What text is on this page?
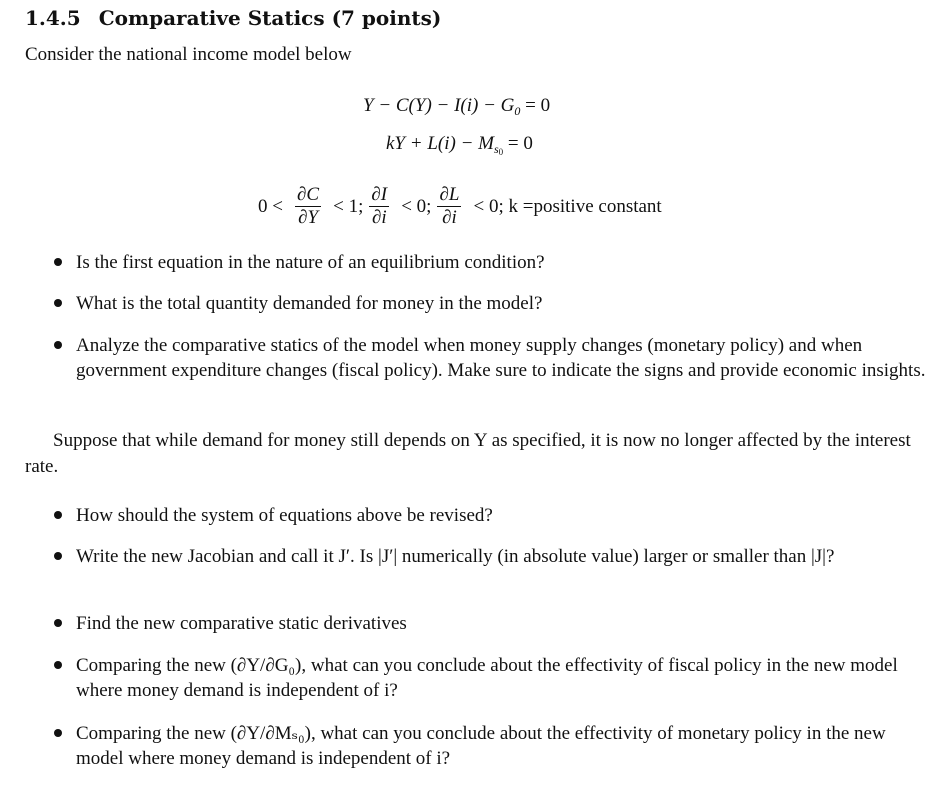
1.4.5 Comparative Statics (7 points)
Consider the national income model below
$Y - C(Y) - I(i) - G_0 = 0$
kY + $L(i) - M_{s0} = 0$
$0 < \frac{\partial C}{\partial Y} < 1$; $\frac{\partial I}{\partial i} < 0$; $\frac{\partial L}{\partial i} < 0$; k =positive constant
Is the first equation in the nature of an equilibrium condition?
What is the total quantity demanded for money in the model?
Analyze the comparative statics of the model when money supply changes (monetary policy) and when government expenditure changes (fiscal policy). Make sure to indicate the signs and provide economic insights.
Suppose that while demand for money still depends on Y as specified, it is now no longer affected by the interest rate.
How should the system of equations above be revised?
Write the new Jacobian and call it J′. Is |J′| numerically (in absolute value) larger or smaller than |J|?
Find the new comparative static derivatives
Comparing the new (∂Y/∂G₀), what can you conclude about the effectivity of fiscal policy in the new model where money demand is independent of i?
Comparing the new (∂Y/∂Mₛ₀), what can you conclude about the effectivity of monetary policy in the new model where money demand is independent of i?
